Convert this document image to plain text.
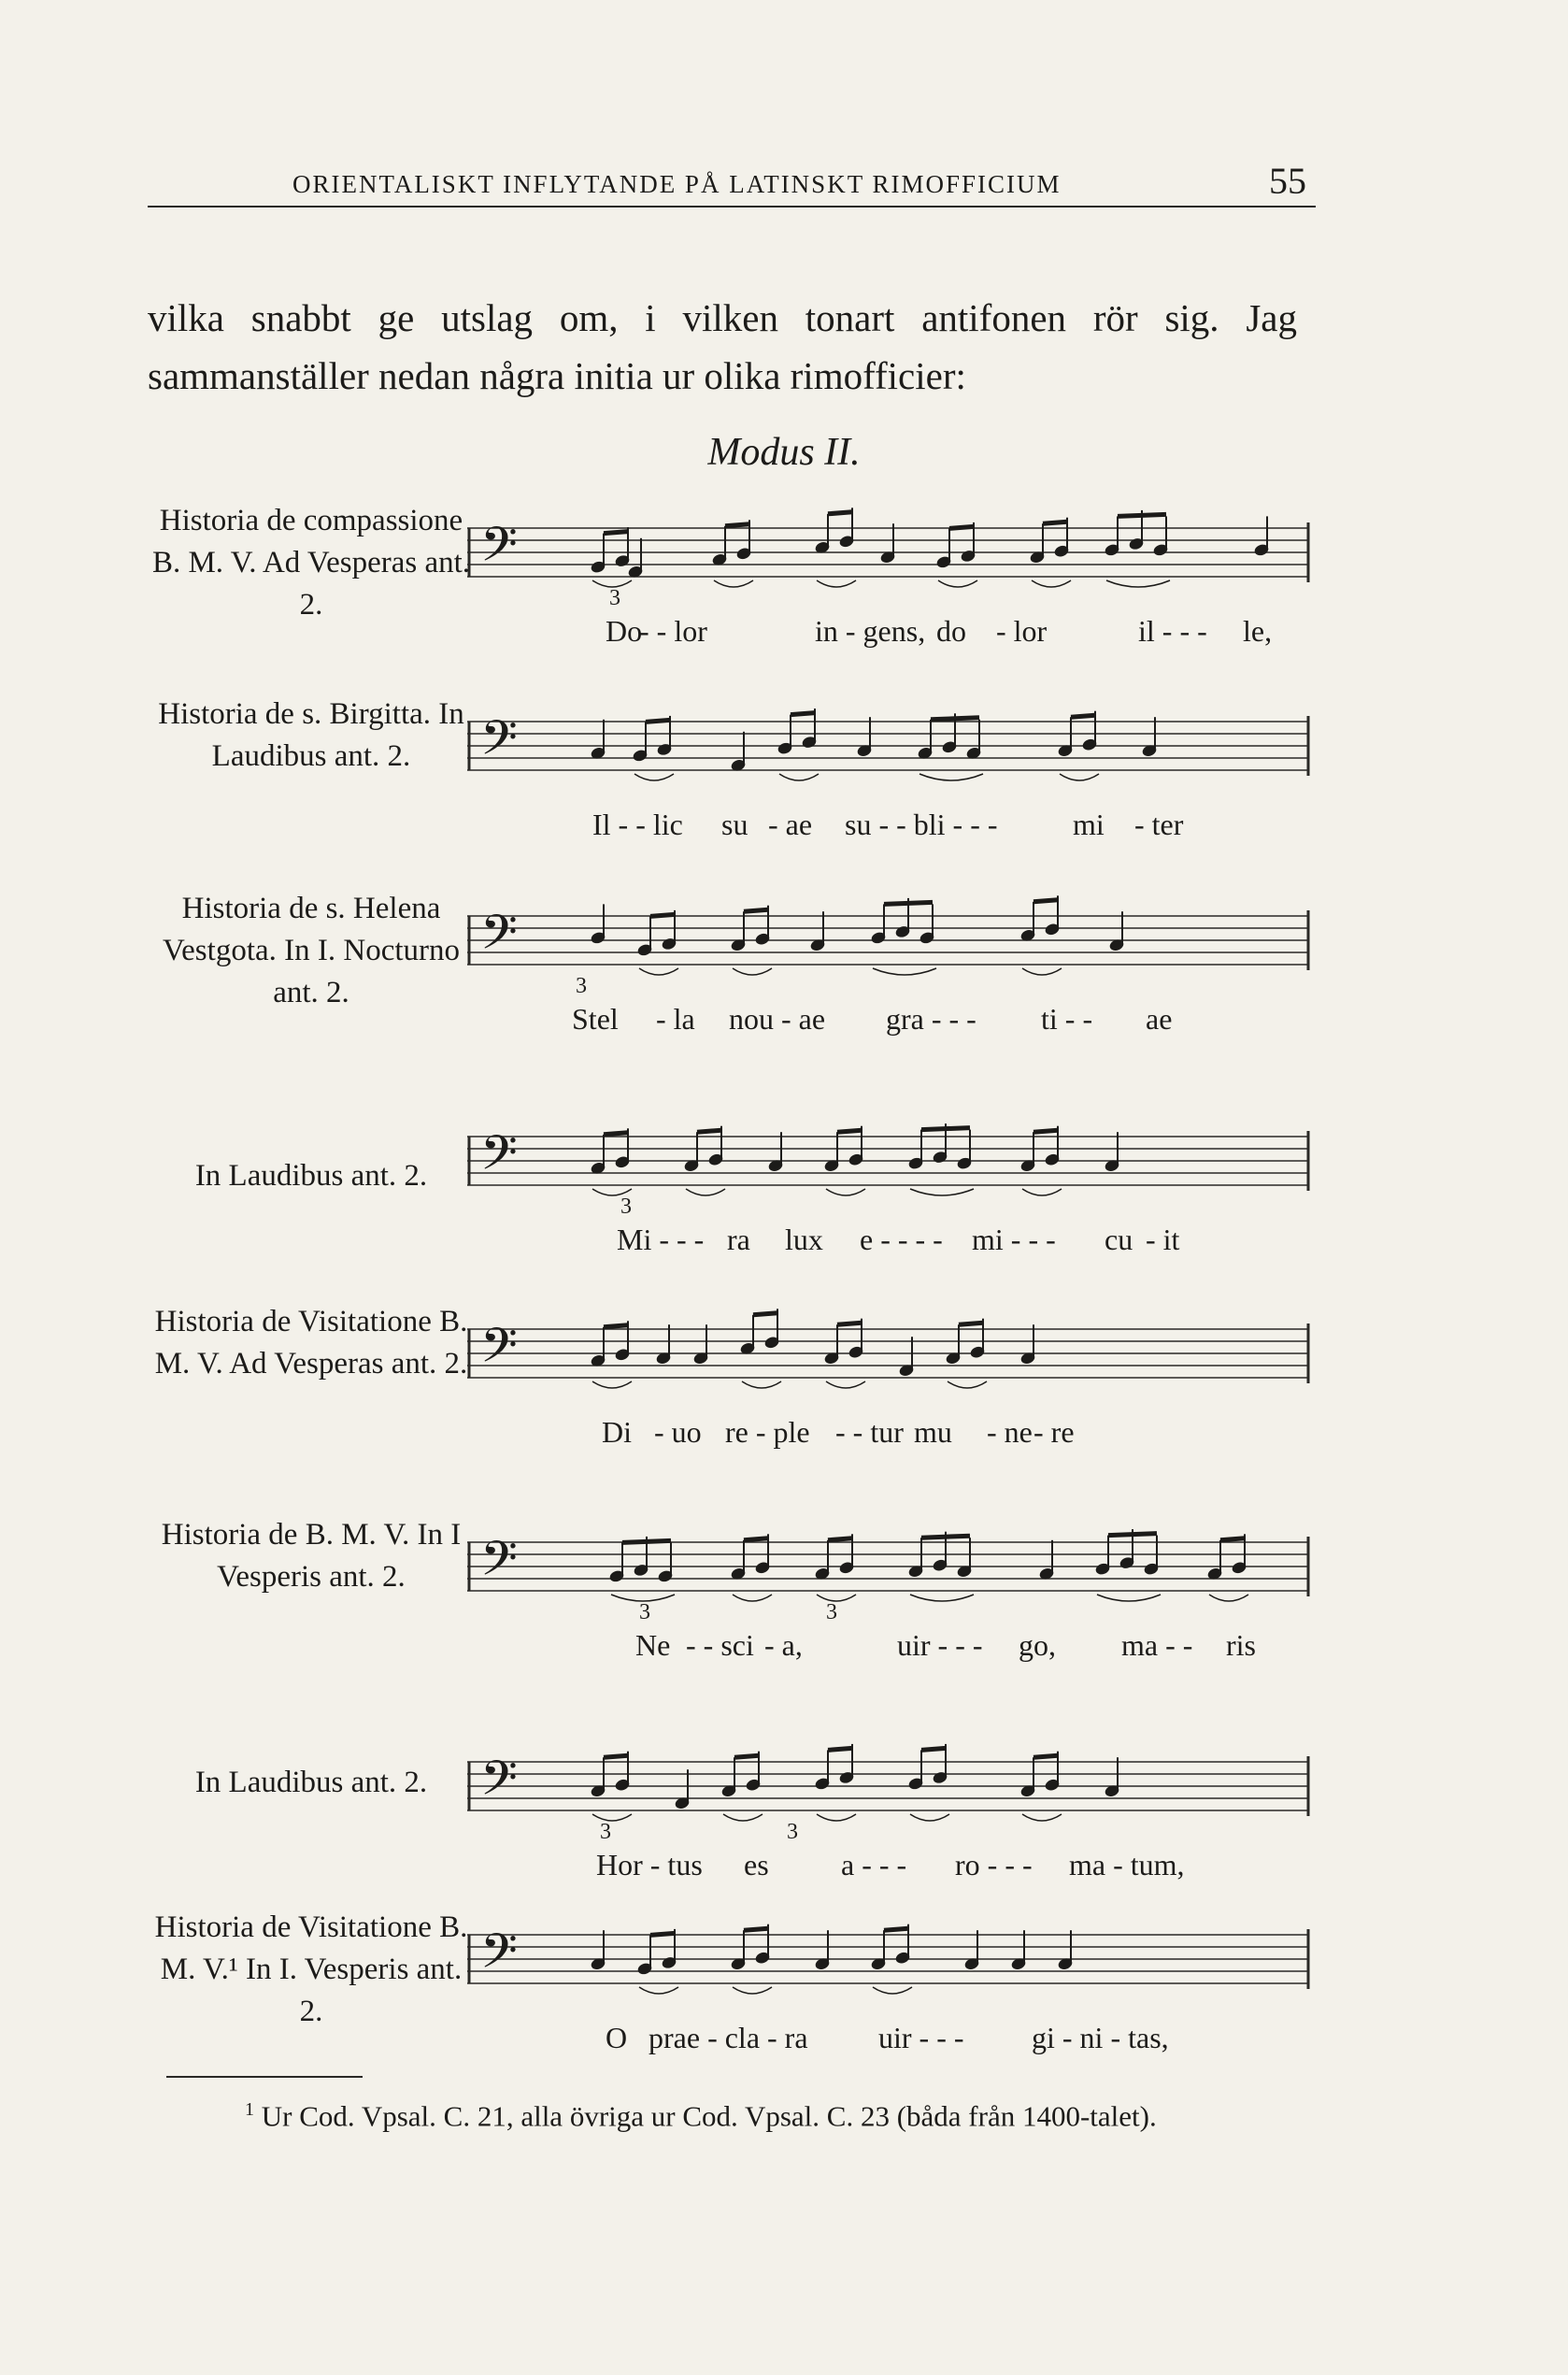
ORIENTALISKT INFLYTANDE PÅ LATINSKT RIMOFFICIUM	55

vilka snabbt ge utslag om, i vilken tonart antifonen rör sig. Jag sammanställer nedan några initia ur olika rimofficier:

Modus II.
Historia de compassione B. M. V. Ad Vesperas ant. 2.
𝄢
3
Do
- - lor	in - gens, do - lor	il - - - le,
Historia de s. Birgitta. In Laudibus ant. 2.	𝄢
Il - - lic su - ae su - - bli - - -	mi - ter
Historia de s. Helena Vestgota. In I. Nocturno ant. 2.
𝄢
3
Stel - la nou - ae gra - - - ti - - ae
In Laudibus ant. 2. 𝄢
3
Mi - - - ra lux e - - - - mi - - - cu - it
Historia de Visitatione B. M. V. Ad Vesperas ant. 2. 𝄢
Di - uo re - ple - - tur mu - ne - re
Historia de B. M. V. In I Vesperis ant. 2.	𝄢
3	3
Ne - - sci - a,	uir - - - go, ma - - ris
In Laudibus ant. 2. 𝄢
3	3
Hor - tus es a - - - ro - - - ma - tum,
Historia de Visitatione B. M. V.¹ In I. Vesperis ant. 2.
𝄢
O prae - cla - ra uir - - - gi - ni - tas,
$^1$ Ur Cod. Vpsal. C. 21, alla övriga ur Cod. Vpsal. C. 23 (båda från 1400-talet).
